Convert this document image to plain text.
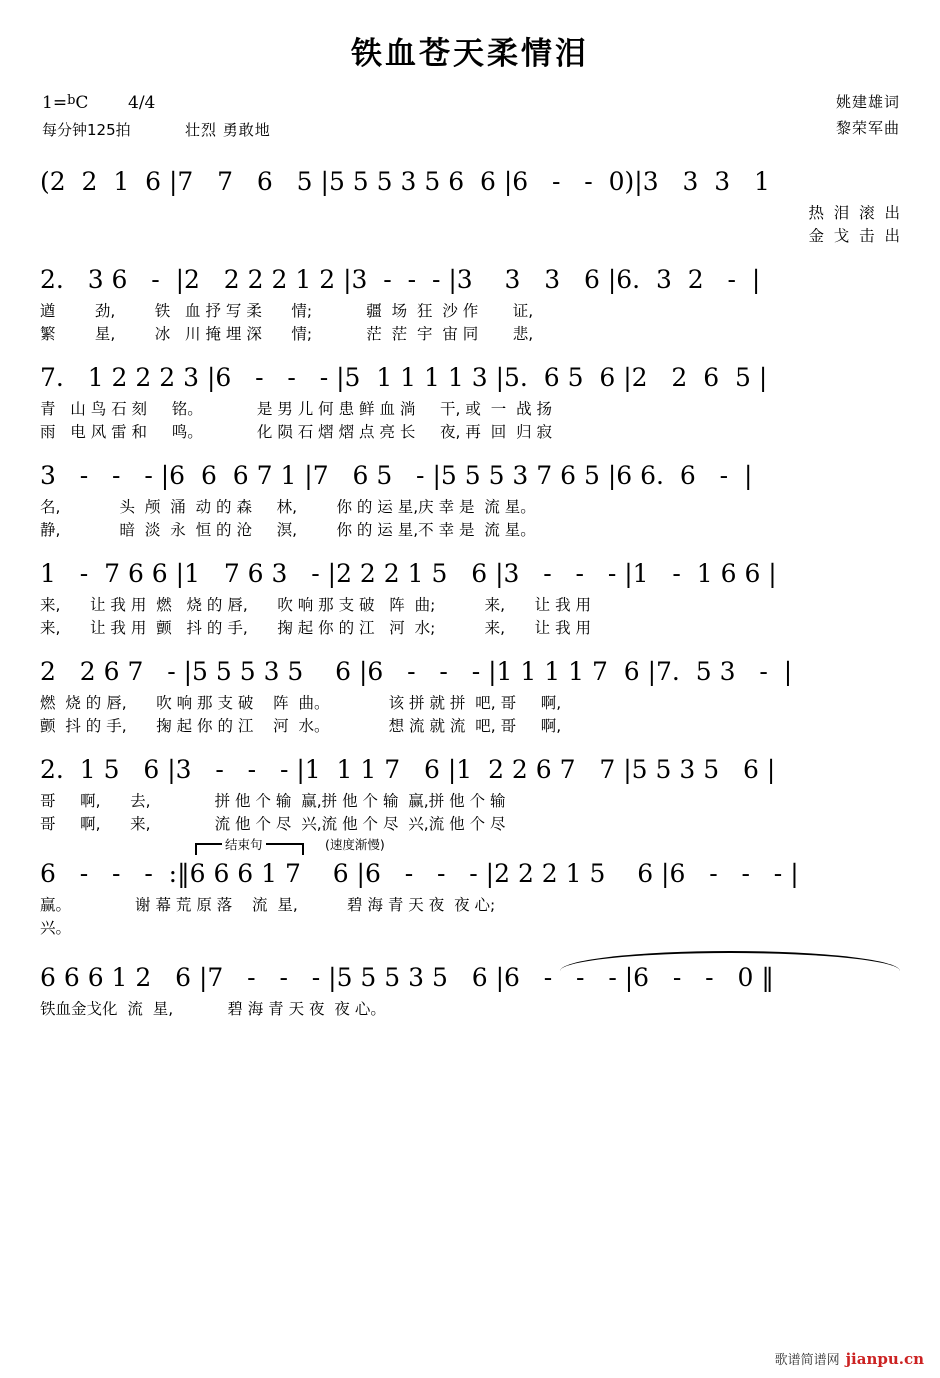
铁血苍天柔情泪
1=$^b$C 4/4
每分钟125拍	壮烈 勇敢地
姚建雄词
黎荣军曲
(2  2  1  6 |7   7   6   5 |5 5 5 3 5 6  6 |6   -   -  0)|3   3  3   1
热  泪  滚  出
金  戈  击  出
2.   3 6   -  |2   2 2 2 1 2 |3  -  -  - |3    3   3   6 |6.  3  2   -  |
遒        劲,        铁   血 抒 写 柔      情;           疆  场  狂  沙 作       证,
繁        星,        冰   川 掩 埋 深      情;           茫  茫  宇  宙 同       悲,
7.   1 2 2 2 3 |6   -   -   - |5  1 1 1 1 3 |5.  6 5  6 |2   2  6  5 |
青   山 鸟 石 刻     铭。           是 男 儿 何 患 鲜 血 淌     干, 或  一  战 扬
雨   电 风 雷 和     鸣。           化 陨 石 熠 熠 点 亮 长     夜, 再  回  归 寂
3   -   -   - |6  6  6 7 1 |7   6 5   - |5 5 5 3 7 6 5 |6 6.  6   -  |
名,            头  颅  涌  动 的 森     林,        你 的 运 星,庆 幸 是  流 星。
静,            暗  淡  永  恒 的 沧     溟,        你 的 运 星,不 幸 是  流 星。
1   -  7 6 6 |1   7 6 3   - |2 2 2 1 5   6 |3   -   -   - |1   -  1 6 6 |
来,      让 我 用  燃   烧 的 唇,      吹 响 那 支 破   阵  曲;          来,      让 我 用
来,      让 我 用  颤   抖 的 手,      掬 起 你 的 江   河  水;          来,      让 我 用
2   2 6 7   - |5 5 5 3 5    6 |6   -   -   - |1 1 1 1 7  6 |7.  5 3   -  |
燃  烧 的 唇,      吹 响 那 支 破    阵  曲。            该 拼 就 拼  吧, 哥     啊,
颤  抖 的 手,      掬 起 你 的 江    河  水。            想 流 就 流  吧, 哥     啊,
2.  1 5   6 |3   -   -   - |1  1 1 7   6 |1  2 2 6 7   7 |5 5 3 5   6 |
哥     啊,      去,             拼 他 个 输  赢,拼 他 个 输  赢,拼 他 个 输
哥     啊,      来,             流 他 个 尽  兴,流 他 个 尽  兴,流 他 个 尽
结束句	(速度渐慢)
6   -   -   -  :‖6 6 6 1 7    6 |6   -   -   - |2 2 2 1 5    6 |6   -   -   - |
赢。             谢 幕 荒 原 落    流  星,          碧 海 青 天 夜  夜 心;
兴。
6 6 6 1 2   6 |7   -   -   - |5 5 5 3 5   6 |6   -   -   - |6   -   -   0 ‖
铁血金戈化  流  星,           碧 海 青 天 夜  夜 心。
歌谱简谱网 jianpu.cn
